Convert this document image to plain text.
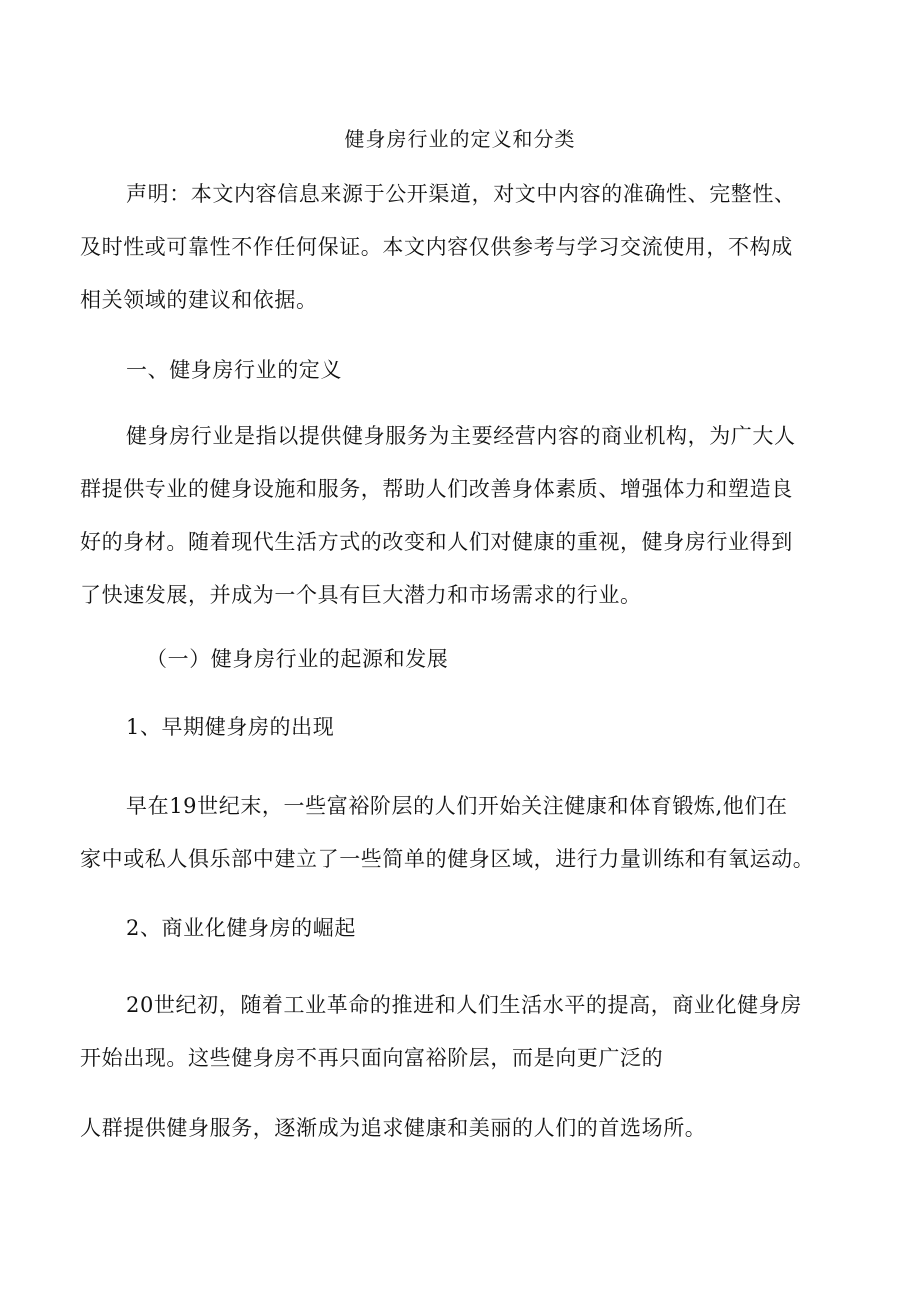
健身房行业的定义和分类
声明：本文内容信息来源于公开渠道，对文中内容的准确性、完整性、
及时性或可靠性不作任何保证。本文内容仅供参考与学习交流使用，不构成
相关领域的建议和依据。
一、健身房行业的定义
健身房行业是指以提供健身服务为主要经营内容的商业机构，为广大人
群提供专业的健身设施和服务，帮助人们改善身体素质、增强体力和塑造良
好的身材。随着现代生活方式的改变和人们对健康的重视，健身房行业得到
了快速发展，并成为一个具有巨大潜力和市场需求的行业。
（一）健身房行业的起源和发展
1、早期健身房的出现
早在19世纪末，一些富裕阶层的人们开始关注健康和体育锻炼,他们在
家中或私人俱乐部中建立了一些简单的健身区域，进行力量训练和有氧运动。
2、商业化健身房的崛起
20世纪初，随着工业革命的推进和人们生活水平的提高，商业化健身房
开始出现。这些健身房不再只面向富裕阶层，而是向更广泛的
人群提供健身服务，逐渐成为追求健康和美丽的人们的首选场所。
